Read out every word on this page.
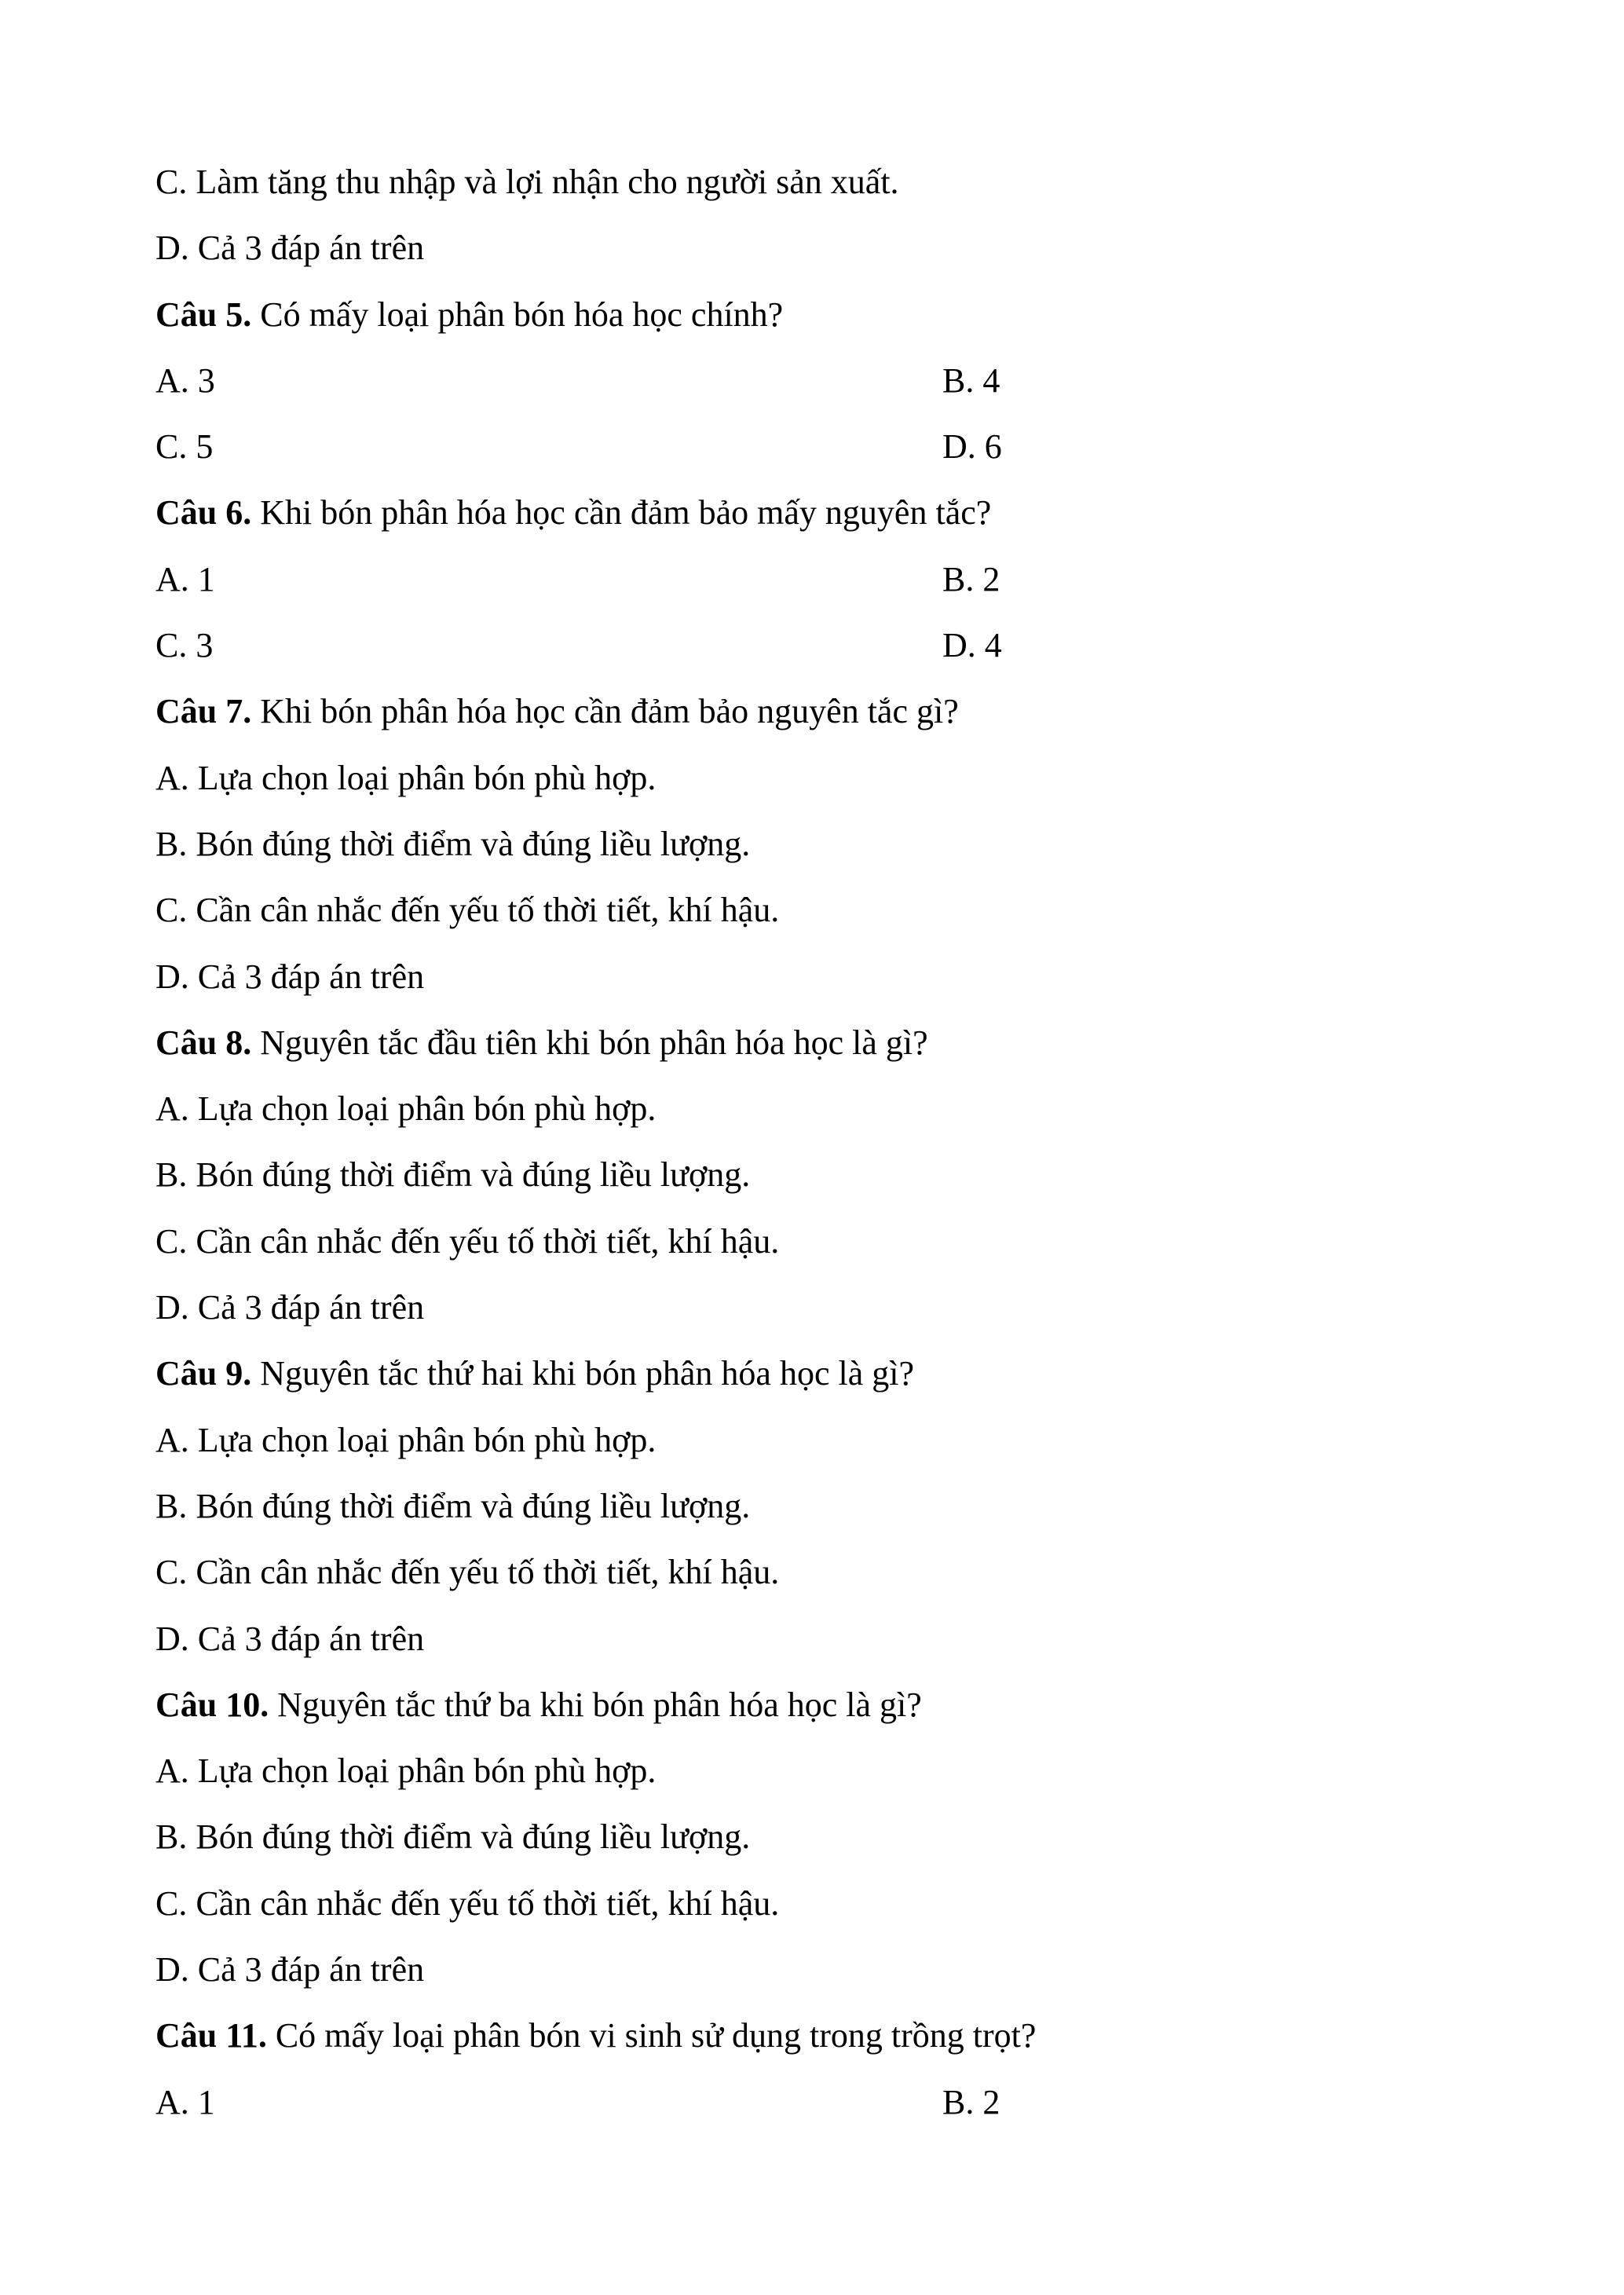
C. Làm tăng thu nhập và lợi nhận cho người sản xuất.
D. Cả 3 đáp án trên
Câu 5. Có mấy loại phân bón hóa học chính?
A. 3	B. 4
C. 5	D. 6
Câu 6. Khi bón phân hóa học cần đảm bảo mấy nguyên tắc?
A. 1	B. 2
C. 3	D. 4
Câu 7. Khi bón phân hóa học cần đảm bảo nguyên tắc gì?
A. Lựa chọn loại phân bón phù hợp.
B. Bón đúng thời điểm và đúng liều lượng.
C. Cần cân nhắc đến yếu tố thời tiết, khí hậu.
D. Cả 3 đáp án trên
Câu 8. Nguyên tắc đầu tiên khi bón phân hóa học là gì?
A. Lựa chọn loại phân bón phù hợp.
B. Bón đúng thời điểm và đúng liều lượng.
C. Cần cân nhắc đến yếu tố thời tiết, khí hậu.
D. Cả 3 đáp án trên
Câu 9. Nguyên tắc thứ hai khi bón phân hóa học là gì?
A. Lựa chọn loại phân bón phù hợp.
B. Bón đúng thời điểm và đúng liều lượng.
C. Cần cân nhắc đến yếu tố thời tiết, khí hậu.
D. Cả 3 đáp án trên
Câu 10. Nguyên tắc thứ ba khi bón phân hóa học là gì?
A. Lựa chọn loại phân bón phù hợp.
B. Bón đúng thời điểm và đúng liều lượng.
C. Cần cân nhắc đến yếu tố thời tiết, khí hậu.
D. Cả 3 đáp án trên
Câu 11. Có mấy loại phân bón vi sinh sử dụng trong trồng trọt?
A. 1	B. 2
